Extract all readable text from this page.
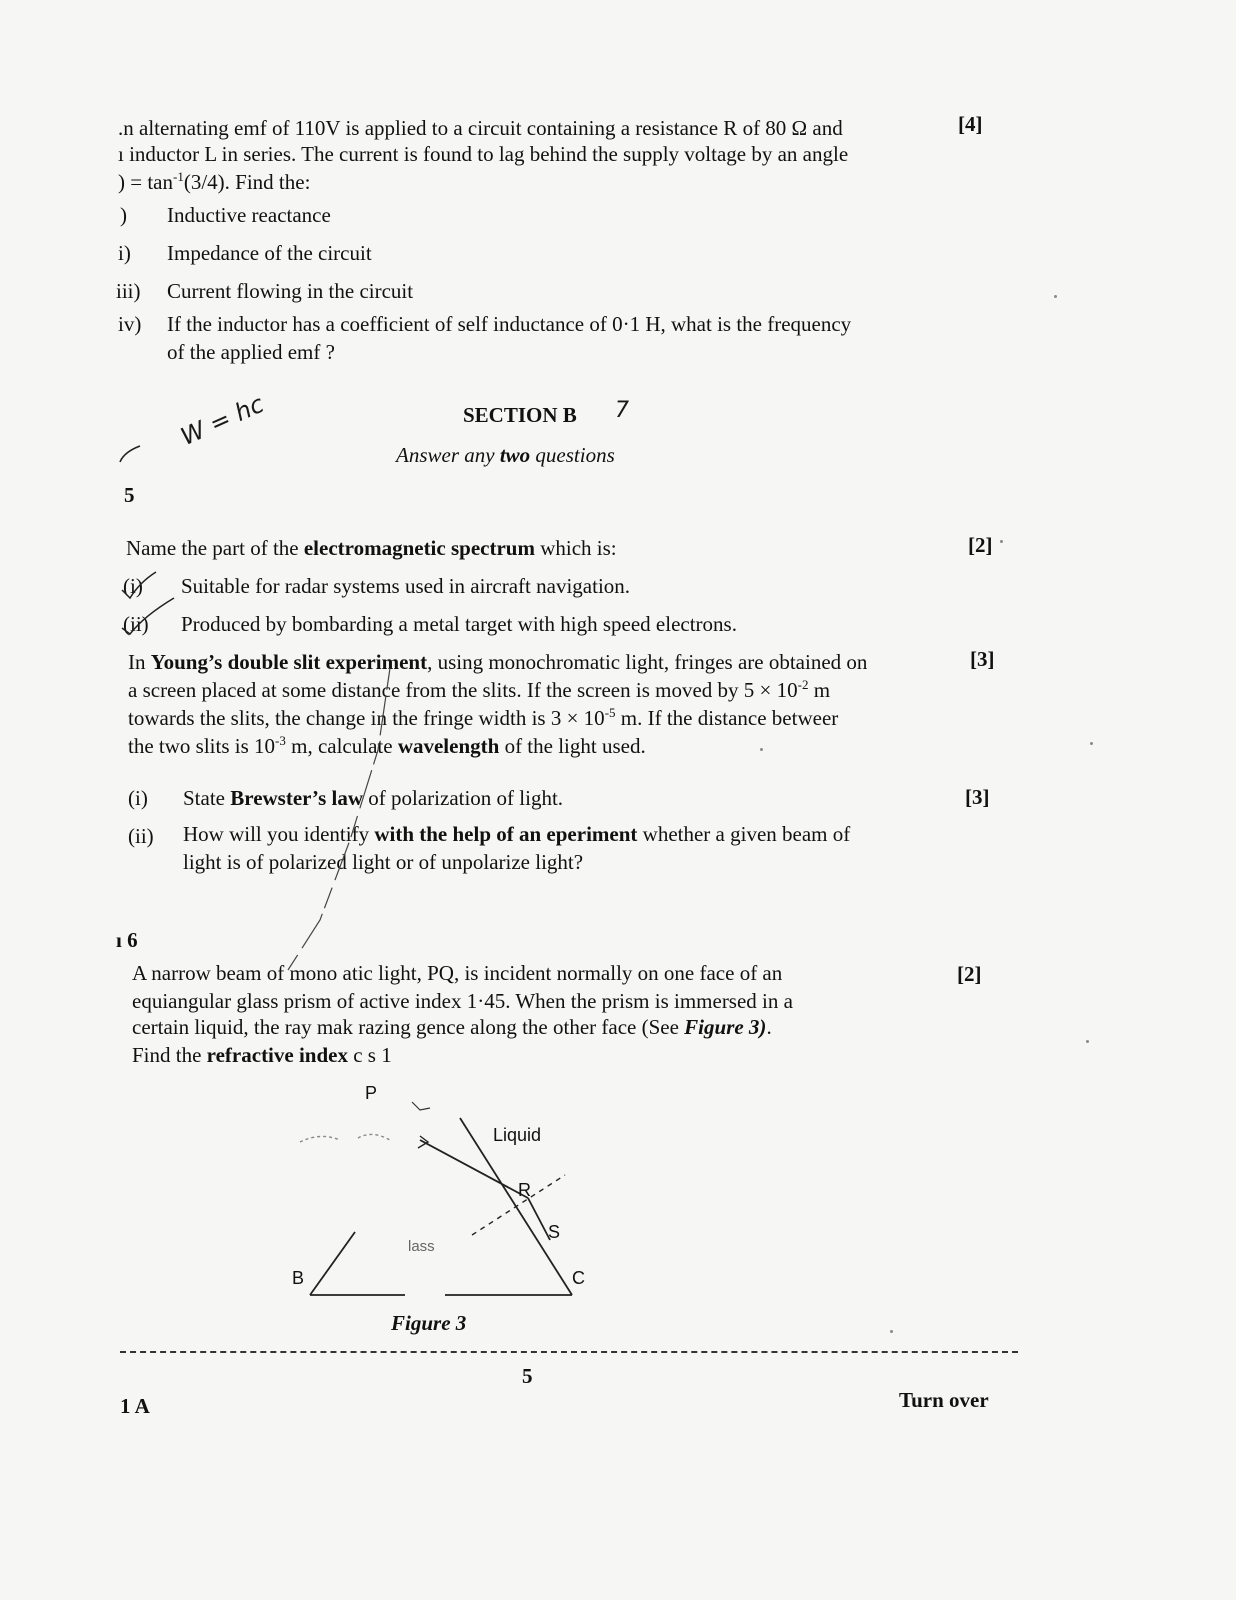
.n alternating emf of 110V is applied to a circuit containing a resistance R of 80 Ω and	[4]
ı inductor L in series. The current is found to lag behind the supply voltage by an angle
) = $\tan^{-1}(3/4)$. Find the:
) Inductive reactance
i) Impedance of the circuit
iii) Current flowing in the circuit
iv) If the inductor has a coefficient of self inductance of 0·1 H, what is the frequency
of the applied emf ?
SECTION B 7
Answer any two questions
W = hc
5
Name the part of the electromagnetic spectrum which is:	[2]
(i) Suitable for radar systems used in aircraft navigation.
(ii) Produced by bombarding a metal target with high speed electrons.
In Young’s double slit experiment, using monochromatic light, fringes are obtained on	[3]
a screen placed at some distance from the slits. If the screen is moved by $5 \times 10^{-2}$ m
towards the slits, the change in the fringe width is $3 \times 10^{-5}$ m. If the distance betweer
the two slits is $10^{-3}$ m, calculate wavelength of the light used.
(i) State Brewster’s law of polarization of light.	[3]
(ii) How will you identify with the help of an eperiment whether a given beam of
light is of polarized light or of unpolarize light?
ı 6
A narrow beam of mono atic light, PQ, is incident normally on one face of an	[2]
equiangular glass prism of active index 1·45. When the prism is immersed in a
certain liquid, the ray mak razing gence along the other face (See Figure 3).
Find the refractive index c s 1
P
Liquid
R
S
lass
B	C
Figure 3
5
1 A	Turn over
